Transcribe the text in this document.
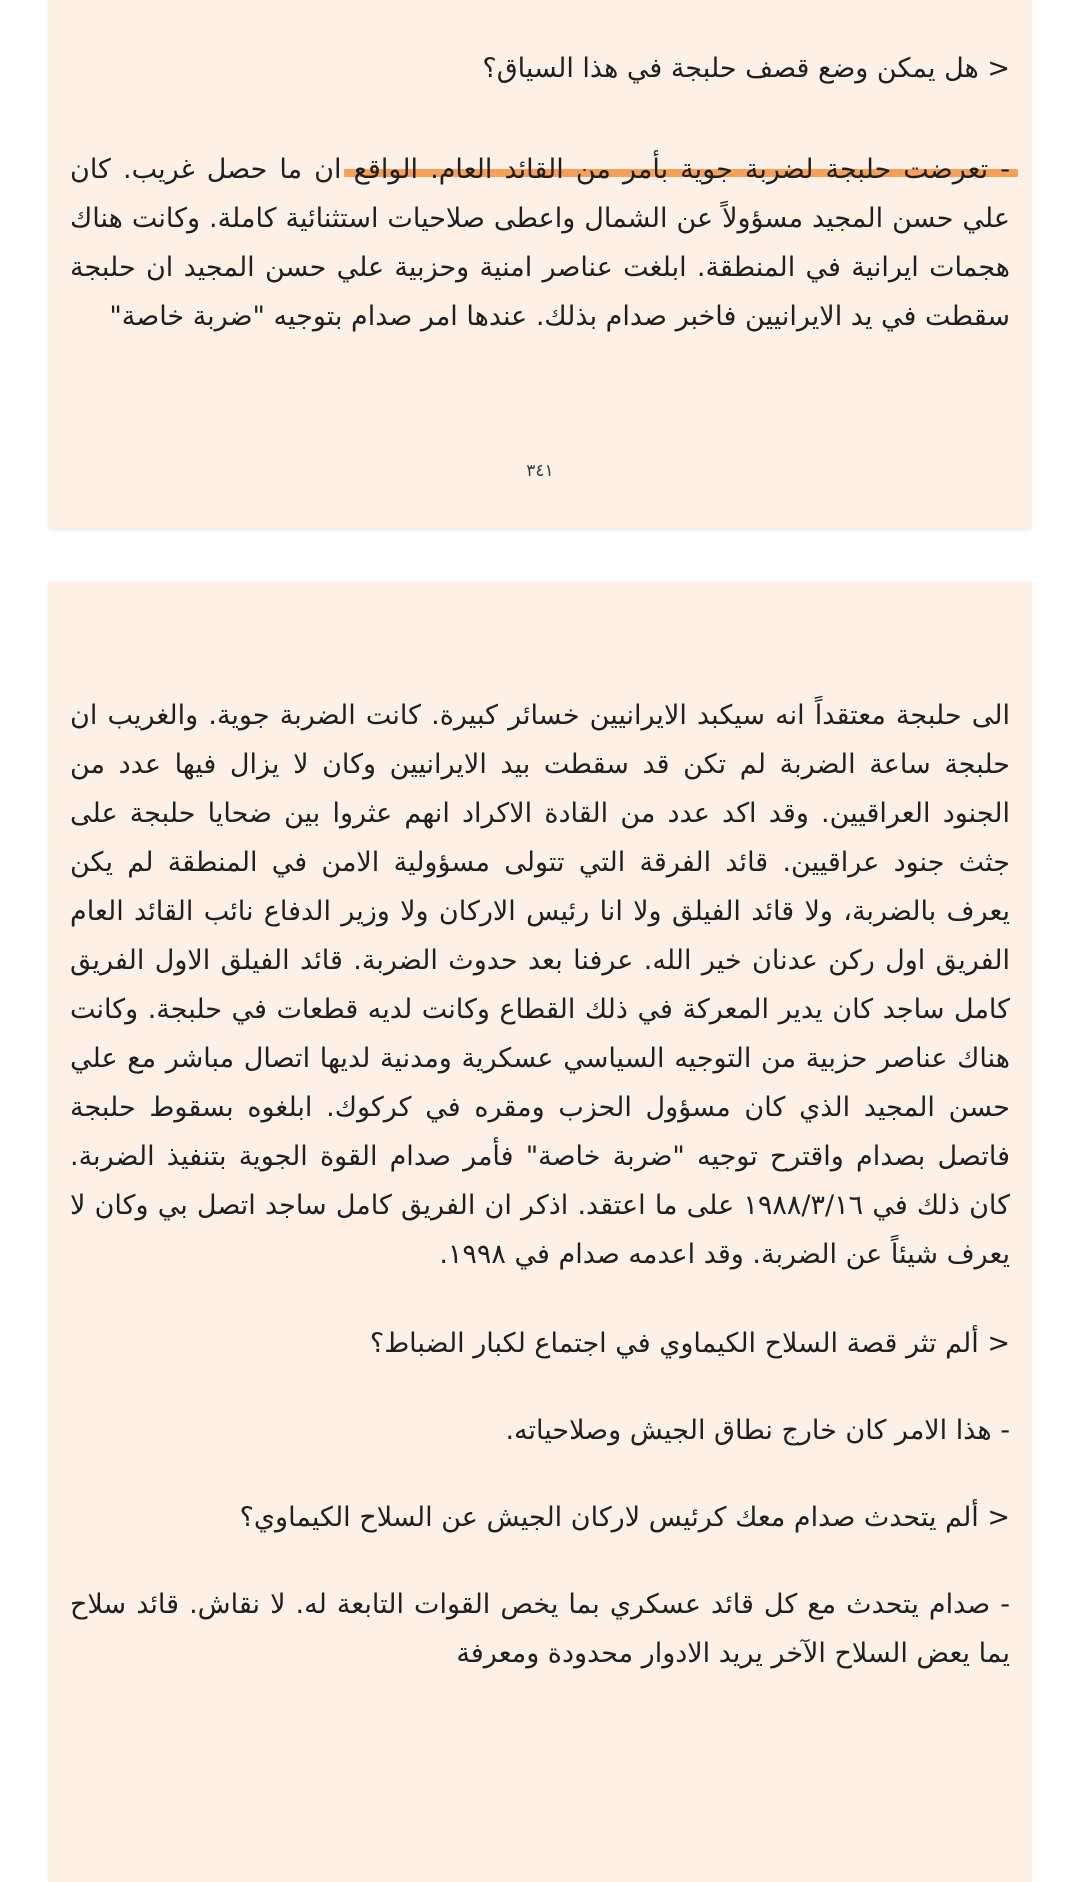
< هل يمكن وضع قصف حلبجة في هذا السياق؟

- تعرضت حلبجة لضربة جوية بأمر من القائد العام. الواقع ان ما حصل غريب. كان علي حسن المجيد مسؤولاً عن الشمال واعطى صلاحيات استثنائية كاملة. وكانت هناك هجمات ايرانية في المنطقة. ابلغت عناصر امنية وحزبية علي حسن المجيد ان حلبجة سقطت في يد الايرانيين فاخبر صدام بذلك. عندها امر صدام بتوجيه "ضربة خاصة"

٣٤١

الى حلبجة معتقداً انه سيكبد الايرانيين خسائر كبيرة. كانت الضربة جوية. والغريب ان حلبجة ساعة الضربة لم تكن قد سقطت بيد الايرانيين وكان لا يزال فيها عدد من الجنود العراقيين. وقد اكد عدد من القادة الاكراد انهم عثروا بين ضحايا حلبجة على جثث جنود عراقيين. قائد الفرقة التي تتولى مسؤولية الامن في المنطقة لم يكن يعرف بالضربة، ولا قائد الفيلق ولا انا رئيس الاركان ولا وزير الدفاع نائب القائد العام الفريق اول ركن عدنان خير الله. عرفنا بعد حدوث الضربة. قائد الفيلق الاول الفريق كامل ساجد كان يدير المعركة في ذلك القطاع وكانت لديه قطعات في حلبجة. وكانت هناك عناصر حزبية من التوجيه السياسي عسكرية ومدنية لديها اتصال مباشر مع علي حسن المجيد الذي كان مسؤول الحزب ومقره في كركوك. ابلغوه بسقوط حلبجة فاتصل بصدام واقترح توجيه "ضربة خاصة" فأمر صدام القوة الجوية بتنفيذ الضربة. كان ذلك في ١٩٨٨/٣/١٦ على ما اعتقد. اذكر ان الفريق كامل ساجد اتصل بي وكان لا يعرف شيئاً عن الضربة. وقد اعدمه صدام في ١٩٩٨.

< ألم تثر قصة السلاح الكيماوي في اجتماع لكبار الضباط؟

- هذا الامر كان خارج نطاق الجيش وصلاحياته.

< ألم يتحدث صدام معك كرئيس لاركان الجيش عن السلاح الكيماوي؟

- صدام يتحدث مع كل قائد عسكري بما يخص القوات التابعة له. لا نقاش. قائد سلاح يما يعض السلاح الآخر يريد الادوار محدودة ومعرفة
